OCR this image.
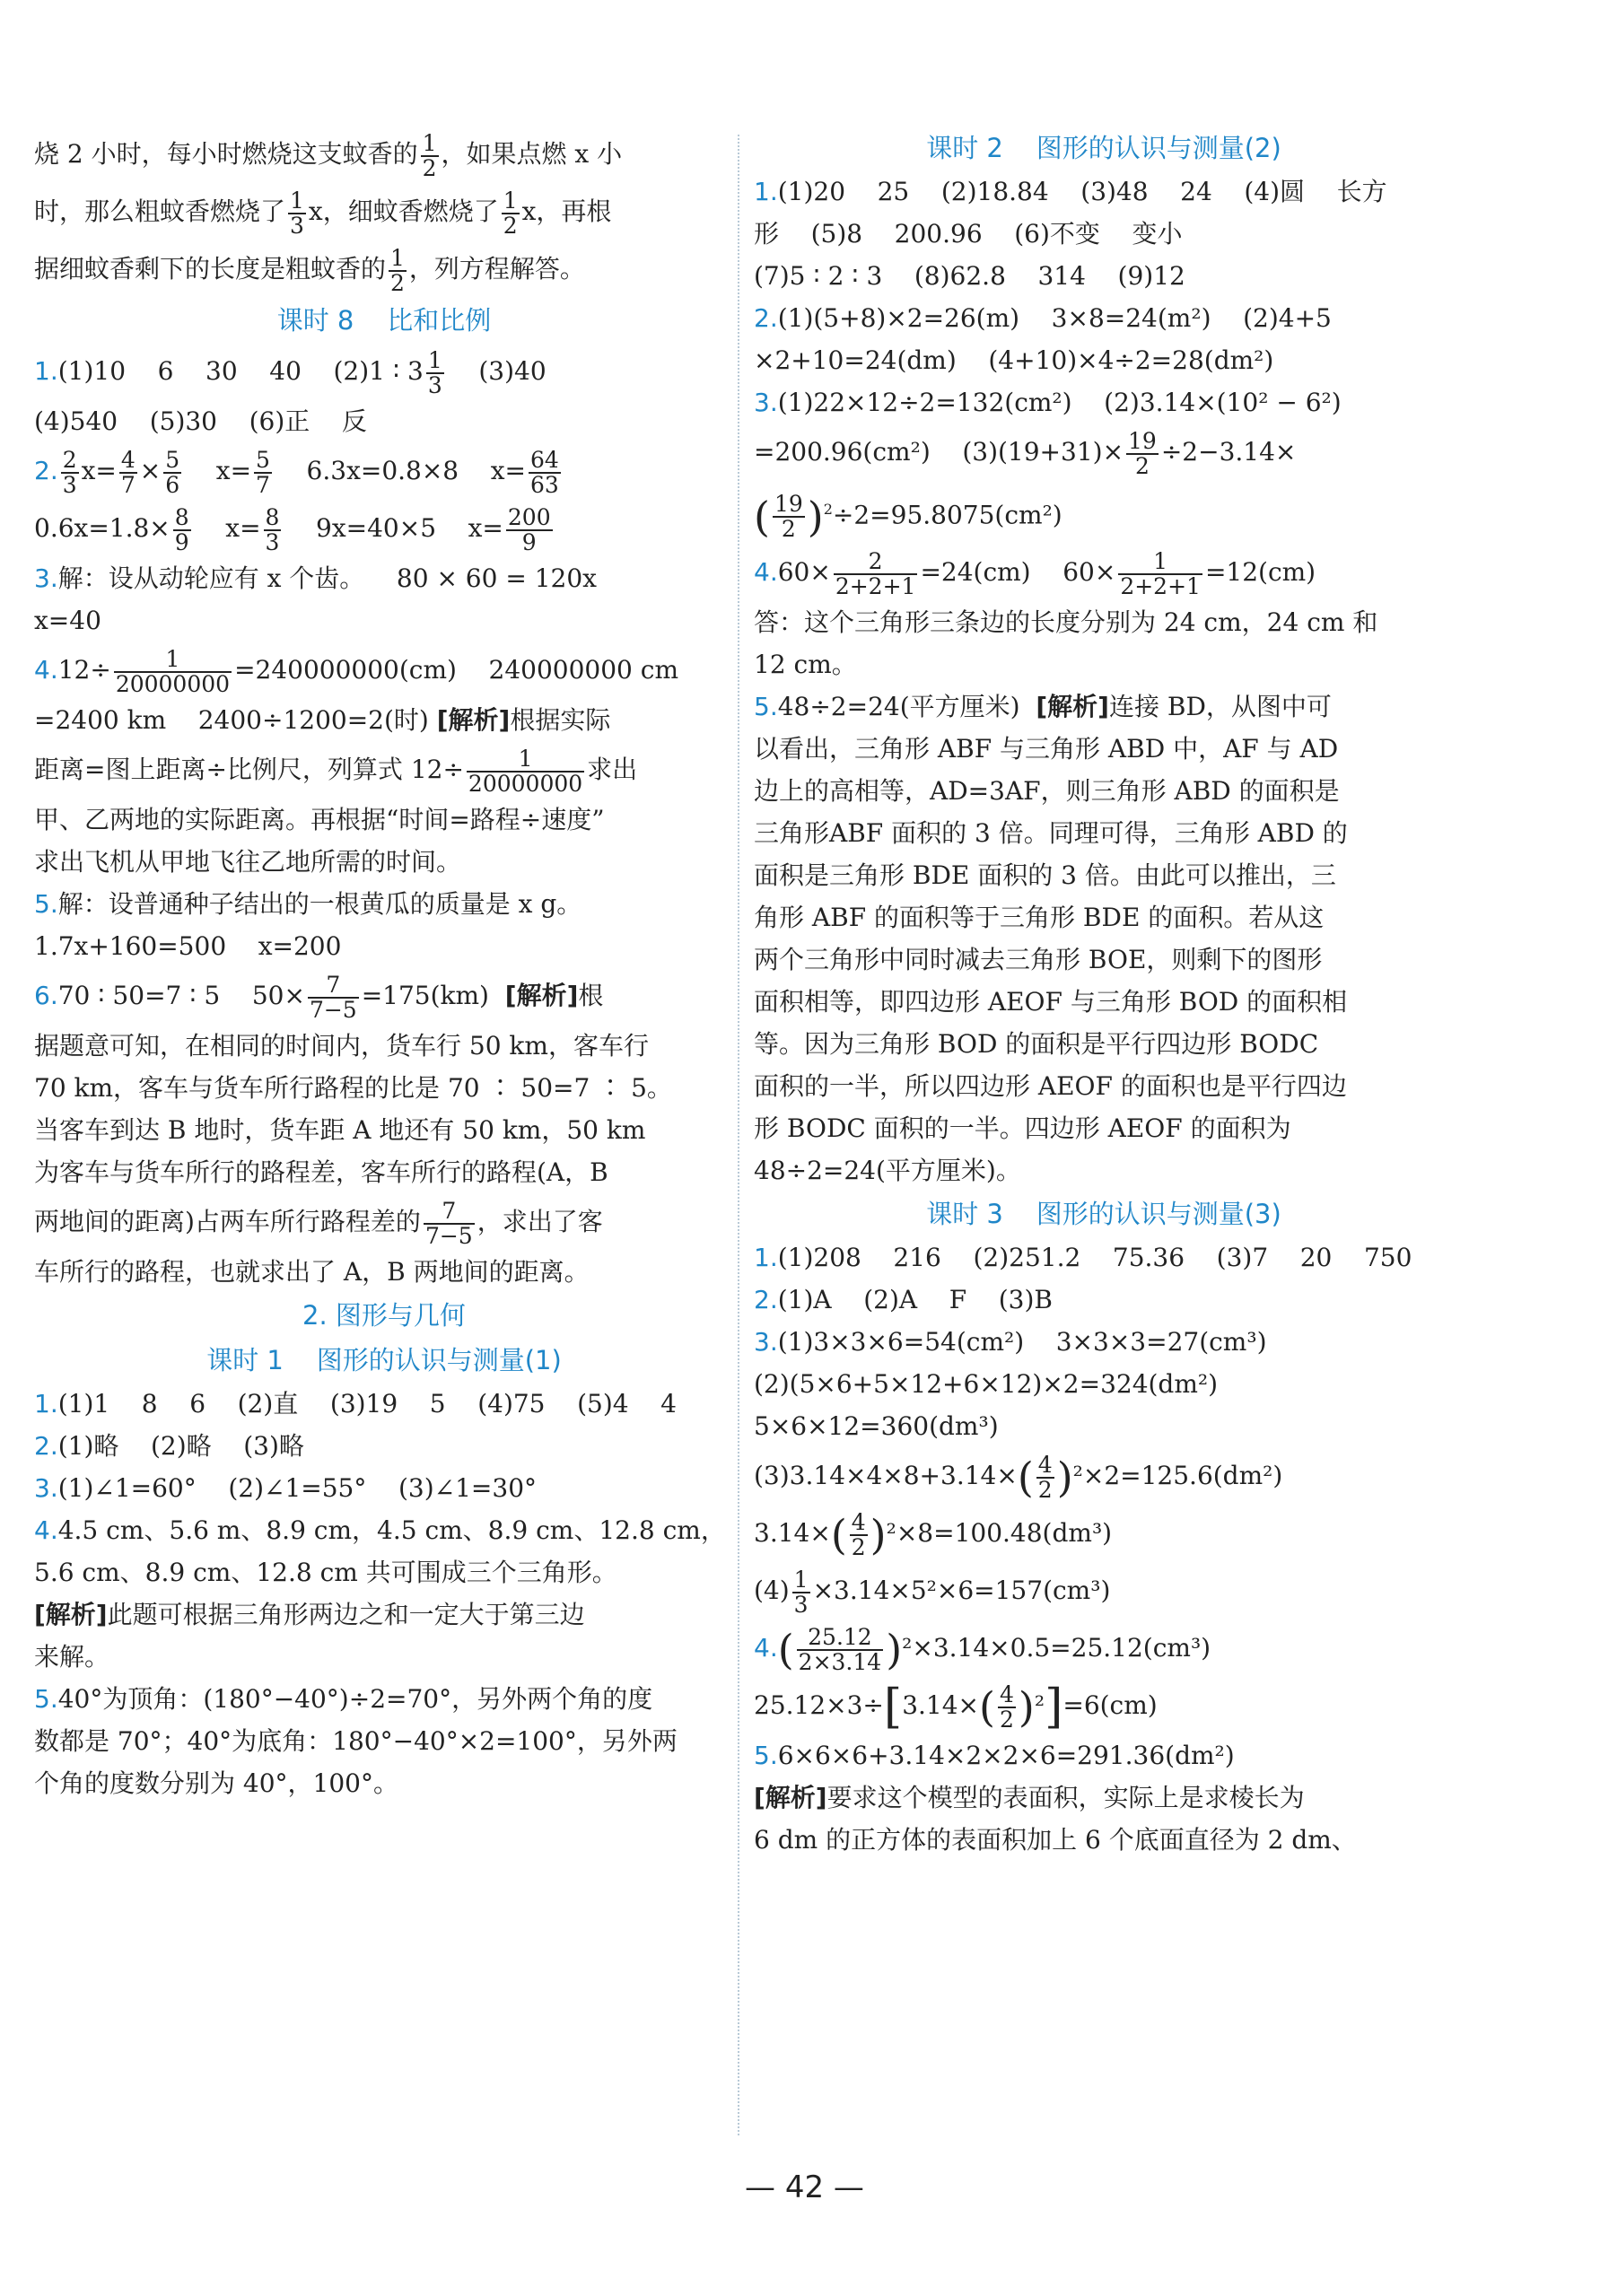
烧 2 小时，每小时燃烧这支蚊香的 $\frac{1}{2}$ ，如果点燃 x 小
时，那么粗蚊香燃烧了 $\frac{1}{3}$ x，细蚊香燃烧了 $\frac{1}{2}$ x，再根
据细蚊香剩下的长度是粗蚊香的 $\frac{1}{2}$ ，列方程解答。
课时 8    比和比例
1.(1)10    6    30    40    (2)1 ∶ $3 \frac{1}{3} (3)40$
(4)540    (5)30    (6)正    反
2. $\frac{2}{3} x= \frac{4}{7} \times \frac{5}{6} x= \frac{5}{7} 6.3x=0.8\times 8$    $x= \frac{64}{63}$
$0.6x=1.8\times \frac{8}{9} x= \frac{8}{3} 9x=40\times 5$    $x= \frac{200}{9}$
3.解：设从动轮应有 x 个齿。    80 × 60 = 120x
x=40
$4.12\div \frac{1}{20000000} =240000000(cm)$    240000000 cm
=2400 km    2400÷1200=2(时) [解析]根据实际
距离=图上距离÷比例尺，列算式 $12\div \frac{1}{20000000}$ 求出
甲、乙两地的实际距离。再根据“时间=路程÷速度”
求出飞机从甲地飞往乙地所需的时间。
5.解：设普通种子结出的一根黄瓜的质量是 x g。
1.7x+160=500    x=200
6.70 ∶ 50=7 ∶ 5    $50\times \frac{7}{7-5} =175(km)$ [解析]根
据题意可知，在相同的时间内，货车行 50 km，客车行
70 km，客车与货车所行路程的比是 70 ∶ 50=7 ∶ 5。
当客车到达 B 地时，货车距 A 地还有 50 km，50 km
为客车与货车所行的路程差，客车所行的路程(A，B
两地间的距离)占两车所行路程差的 $\frac{7}{7-5}$ ，求出了客
车所行的路程，也就求出了 A，B 两地间的距离。
2. 图形与几何
课时 1    图形的认识与测量(1)
1.(1)1    8    6    (2)直    (3)19    5    (4)75    (5)4    4
2.(1)略    (2)略    (3)略
3.(1)∠1=60°    (2)∠1=55°    (3)∠1=30°
4.4.5 cm、5.6 m、8.9 cm，4.5 cm、8.9 cm、12.8 cm，
5.6 cm、8.9 cm、12.8 cm 共可围成三个三角形。
[解析]此题可根据三角形两边之和一定大于第三边
来解。
5.40°为顶角：(180°−40°)÷2=70°，另外两个角的度
数都是 70°；40°为底角：180°−40°×2=100°，另外两
个角的度数分别为 40°，100°。
课时 2    图形的认识与测量(2)
1.(1)20    25    (2)18.84    (3)48    24    (4)圆    长方
形    (5)8    200.96    (6)不变    变小
(7)5 ∶ 2 ∶ 3    (8)62.8    314    (9)12
2.(1)(5+8)×2=26(m)    3×8=24(m²)    (2)4+5
×2+10=24(dm)    (4+10)×4÷2=28(dm²)
3.(1)22×12÷2=132(cm²)    (2)3.14×(10² − 6²)
=200.96(cm²)    $(3)(19+31)\times \frac{19}{2} \div 2-3.14\times$
( $\frac{19}{2} )^2\div 2=95.8075(cm^2)$
$4.60\times \frac{2}{2+2+1} =24(cm)$    $60\times \frac{1}{2+2+1} =12(cm)$
答：这个三角形三条边的长度分别为 24 cm，24 cm 和
12 cm。
5.48÷2=24(平方厘米) [解析]连接 BD，从图中可
以看出，三角形 ABF 与三角形 ABD 中，AF 与 AD
边上的高相等，AD=3AF，则三角形 ABD 的面积是
三角形ABF 面积的 3 倍。同理可得，三角形 ABD 的
面积是三角形 BDE 面积的 3 倍。由此可以推出，三
角形 ABF 的面积等于三角形 BDE 的面积。若从这
两个三角形中同时减去三角形 BOE，则剩下的图形
面积相等，即四边形 AEOF 与三角形 BOD 的面积相
等。因为三角形 BOD 的面积是平行四边形 BODC
面积的一半，所以四边形 AEOF 的面积也是平行四边
形 BODC 面积的一半。四边形 AEOF 的面积为
48÷2=24(平方厘米)。
课时 3    图形的认识与测量(3)
1.(1)208    216    (2)251.2    75.36    (3)7    20    750
2.(1)A    (2)A    F    (3)B
3.(1)3×3×6=54(cm²)    3×3×3=27(cm³)
(2)(5×6+5×12+6×12)×2=324(dm²)
5×6×12=360(dm³)
$(3)3.14\times 4\times 8+3.14\times( \frac{4}{2} )^2\times 2=125.6(dm^2)$
$3.14\times( \frac{4}{2} )^2\times 8=100.48(dm^3)$
$(4) \frac{1}{3} \times 3.14\times 5^2\times 6=157(cm^3)$
$4.( \frac{25.12}{2\times 3.14} )^2\times 3.14\times 0.5=25.12(cm^3)$
$25.12\times 3\div[3.14\times( \frac{4}{2} )^2]=6(cm)$
5.6×6×6+3.14×2×2×6=291.36(dm²)
[解析]要求这个模型的表面积，实际上是求棱长为
6 dm 的正方体的表面积加上 6 个底面直径为 2 dm、
— 42 —
